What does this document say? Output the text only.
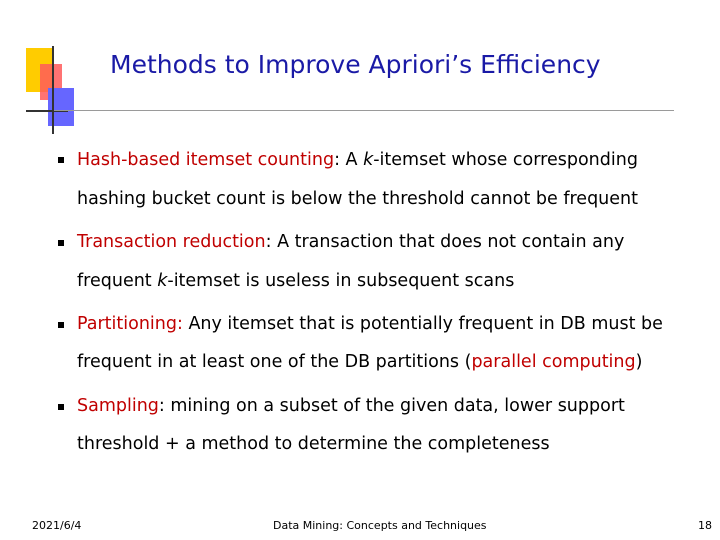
Methods to Improve Apriori’s Efficiency
Hash-based itemset counting: A k-itemset whose corresponding
hashing bucket count is below the threshold cannot be frequent
Transaction reduction: A transaction that does not contain any
frequent k-itemset is useless in subsequent scans
Partitioning: Any itemset that is potentially frequent in DB must be
frequent in at least one of the DB partitions (parallel computing)
Sampling: mining on a subset of the given data, lower support
threshold + a method to determine the completeness
2021/6/4	Data Mining: Concepts and Techniques	18
